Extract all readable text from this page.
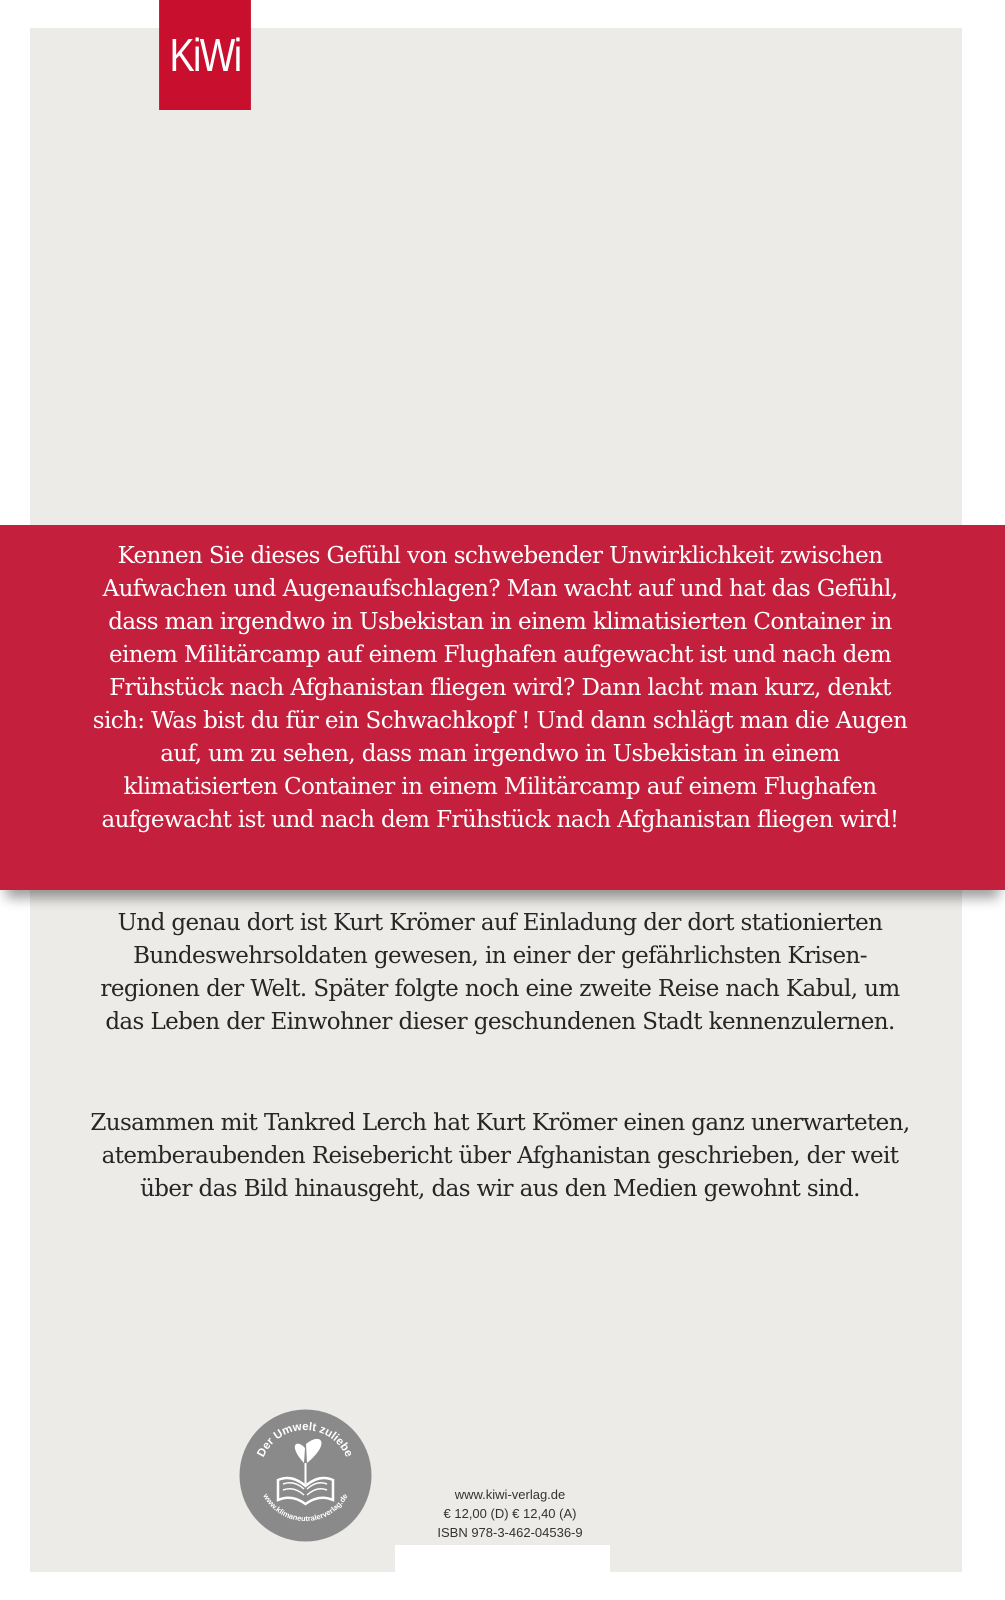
KiWi

Kennen Sie dieses Gefühl von schwebender Unwirklichkeit zwischen Aufwachen und Augenaufschlagen? Man wacht auf und hat das Gefühl, dass man irgendwo in Usbekistan in einem klimatisierten Container in einem Militärcamp auf einem Flughafen aufgewacht ist und nach dem Frühstück nach Afghanistan fliegen wird? Dann lacht man kurz, denkt sich: Was bist du für ein Schwachkopf ! Und dann schlägt man die Augen auf, um zu sehen, dass man irgendwo in Usbekistan in einem klimatisierten Container in einem Militärcamp auf einem Flughafen aufgewacht ist und nach dem Frühstück nach Afghanistan fliegen wird!

Und genau dort ist Kurt Krömer auf Einladung der dort stationierten Bundeswehrsoldaten gewesen, in einer der gefährlichsten Krisen-regionen der Welt. Später folgte noch eine zweite Reise nach Kabul, um das Leben der Einwohner dieser geschundenen Stadt kennenzulernen.

Zusammen mit Tankred Lerch hat Kurt Krömer einen ganz unerwarteten, atemberaubenden Reisebericht über Afghanistan geschrieben, der weit über das Bild hinausgeht, das wir aus den Medien gewohnt sind.

Der Umwelt zuliebe
www.klimaneutralerverlag.de	www.kiwi-verlag.de
€ 12,00 (D) € 12,40 (A)
ISBN 978-3-462-04536-9
